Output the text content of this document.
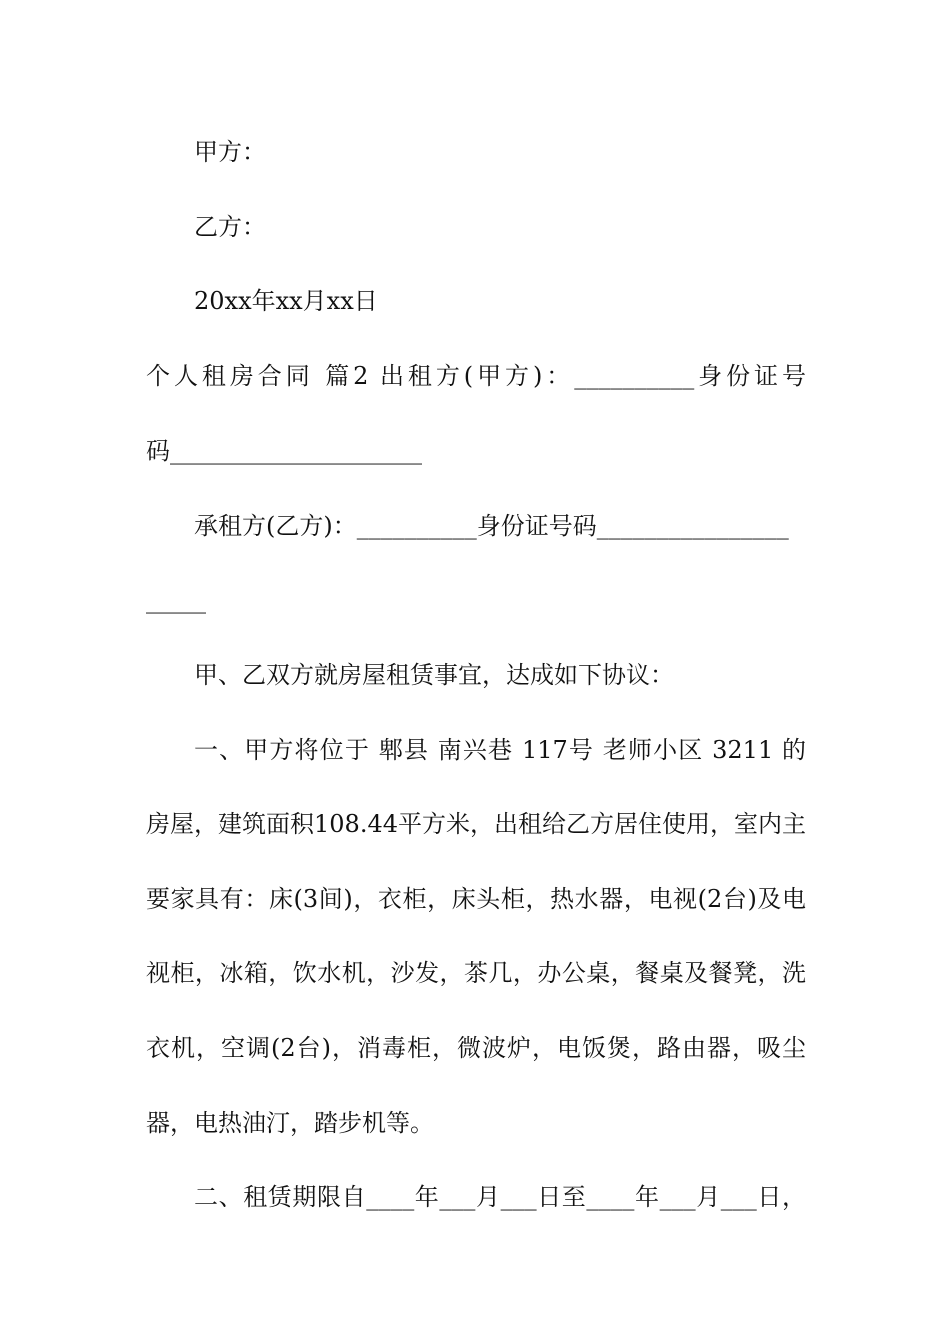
甲方：
乙方：
20xx年xx月xx日
个人租房合同 篇2 出租方(甲方)：__________身份证号
码_____________________
承租方(乙方)：__________身份证号码________________
_____
甲、乙双方就房屋租赁事宜，达成如下协议：
一、甲方将位于 郫县 南兴巷 117号 老师小区 3211 的
房屋，建筑面积108.44平方米，出租给乙方居住使用，室内主
要家具有：床(3间)，衣柜，床头柜，热水器，电视(2台)及电
视柜，冰箱，饮水机，沙发，茶几，办公桌，餐桌及餐凳，洗
衣机，空调(2台)，消毒柜，微波炉，电饭煲，路由器，吸尘
器，电热油汀，踏步机等。
二、租赁期限自____年___月___日至____年___月___日，
